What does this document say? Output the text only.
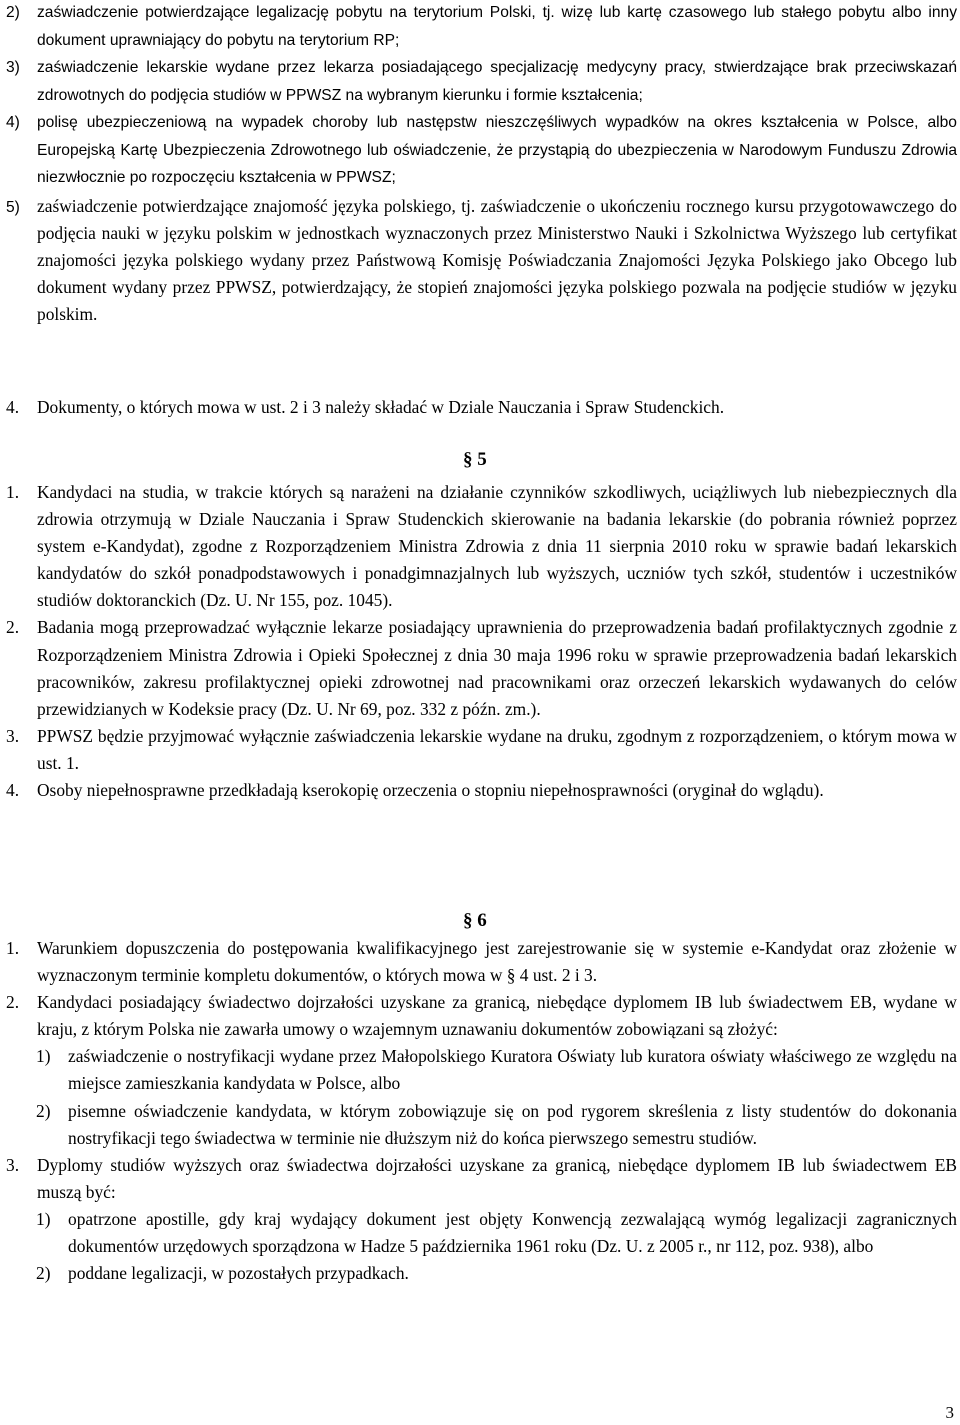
2) zaświadczenie potwierdzające legalizację pobytu na terytorium Polski, tj. wizę lub kartę czasowego lub stałego pobytu albo inny dokument uprawniający do pobytu na terytorium RP;
3) zaświadczenie lekarskie wydane przez lekarza posiadającego specjalizację medycyny pracy, stwierdzające brak przeciwskazań zdrowotnych do podjęcia studiów w PPWSZ na wybranym kierunku i formie kształcenia;
4) polisę ubezpieczeniową na wypadek choroby lub następstw nieszczęśliwych wypadków na okres kształcenia w Polsce, albo Europejską Kartę Ubezpieczenia Zdrowotnego lub oświadczenie, że przystąpią do ubezpieczenia w Narodowym Funduszu Zdrowia niezwłocznie po rozpoczęciu kształcenia w PPWSZ;
5) zaświadczenie potwierdzające znajomość języka polskiego, tj. zaświadczenie o ukończeniu rocznego kursu przygotowawczego do podjęcia nauki w języku polskim w jednostkach wyznaczonych przez Ministerstwo Nauki i Szkolnictwa Wyższego lub certyfikat znajomości języka polskiego wydany przez Państwową Komisję Poświadczania Znajomości Języka Polskiego jako Obcego lub dokument wydany przez PPWSZ, potwierdzający, że stopień znajomości języka polskiego pozwala na podjęcie studiów w języku polskim.
4. Dokumenty, o których mowa w ust. 2 i 3 należy składać w Dziale Nauczania i Spraw Studenckich.
§ 5
1. Kandydaci na studia, w trakcie których są narażeni na działanie czynników szkodliwych, uciążliwych lub niebezpiecznych dla zdrowia otrzymują w Dziale Nauczania i Spraw Studenckich skierowanie na badania lekarskie (do pobrania również poprzez system e-Kandydat), zgodne z Rozporządzeniem Ministra Zdrowia z dnia 11 sierpnia 2010 roku w sprawie badań lekarskich kandydatów do szkół ponadpodstawowych i ponadgimnazjalnych lub wyższych, uczniów tych szkół, studentów i uczestników studiów doktoranckich (Dz. U. Nr 155, poz. 1045).
2. Badania mogą przeprowadzać wyłącznie lekarze posiadający uprawnienia do przeprowadzenia badań profilaktycznych zgodnie z Rozporządzeniem Ministra Zdrowia i Opieki Społecznej z dnia 30 maja 1996 roku w sprawie przeprowadzenia badań lekarskich pracowników, zakresu profilaktycznej opieki zdrowotnej nad pracownikami oraz orzeczeń lekarskich wydawanych do celów przewidzianych w Kodeksie pracy (Dz. U. Nr 69, poz. 332 z późn. zm.).
3. PPWSZ będzie przyjmować wyłącznie zaświadczenia lekarskie wydane na druku, zgodnym z rozporządzeniem, o którym mowa w ust. 1.
4. Osoby niepełnosprawne przedkładają kserokopię orzeczenia o stopniu niepełnosprawności (oryginał do wglądu).
§ 6
1. Warunkiem dopuszczenia do postępowania kwalifikacyjnego jest zarejestrowanie się w systemie e-Kandydat oraz złożenie w wyznaczonym terminie kompletu dokumentów, o których mowa w § 4 ust. 2 i 3.
2. Kandydaci posiadający świadectwo dojrzałości uzyskane za granicą, niebędące dyplomem IB lub świadectwem EB, wydane w kraju, z którym Polska nie zawarła umowy o wzajemnym uznawaniu dokumentów zobowiązani są złożyć:
1) zaświadczenie o nostryfikacji wydane przez Małopolskiego Kuratora Oświaty lub kuratora oświaty właściwego ze względu na miejsce zamieszkania kandydata w Polsce, albo
2) pisemne oświadczenie kandydata, w którym zobowiązuje się on pod rygorem skreślenia z listy studentów do dokonania nostryfikacji tego świadectwa w terminie nie dłuższym niż do końca pierwszego semestru studiów.
3. Dyplomy studiów wyższych oraz świadectwa dojrzałości uzyskane za granicą, niebędące dyplomem IB lub świadectwem EB muszą być:
1) opatrzone apostille, gdy kraj wydający dokument jest objęty Konwencją zezwalającą wymóg legalizacji zagranicznych dokumentów urzędowych sporządzona w Hadze 5 października 1961 roku (Dz. U. z 2005 r., nr 112, poz. 938), albo
2) poddane legalizacji, w pozostałych przypadkach.
3
